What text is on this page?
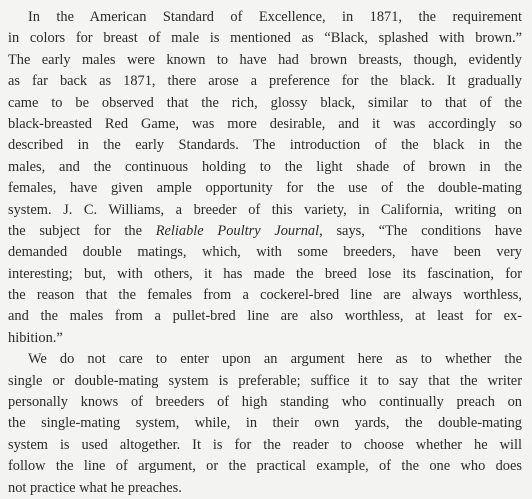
In the American Standard of Excellence, in 1871, the requirement
in colors for breast of male is mentioned as “Black, splashed with brown.”
The early males were known to have had brown breasts, though, evidently
as far back as 1871, there arose a preference for the black. It gradually
came to be observed that the rich, glossy black, similar to that of the
black-breasted Red Game, was more desirable, and it was accordingly so
described in the early Standards. The introduction of the black in the
males, and the continuous holding to the light shade of brown in the
females, have given ample opportunity for the use of the double-mating
system. J. C. Williams, a breeder of this variety, in California, writing on
the subject for the Reliable Poultry Journal, says, “The conditions have
demanded double matings, which, with some breeders, have been very
interesting; but, with others, it has made the breed lose its fascination, for
the reason that the females from a cockerel-bred line are always worthless,
and the males from a pullet-bred line are also worthless, at least for ex-
hibition.”
We do not care to enter upon an argument here as to whether the
single or double-mating system is preferable; suffice it to say that the writer
personally knows of breeders of high standing who continually preach on
the single-mating system, while, in their own yards, the double-mating
system is used altogether. It is for the reader to choose whether he will
follow the line of argument, or the practical example, of the one who does
not practice what he preaches.
